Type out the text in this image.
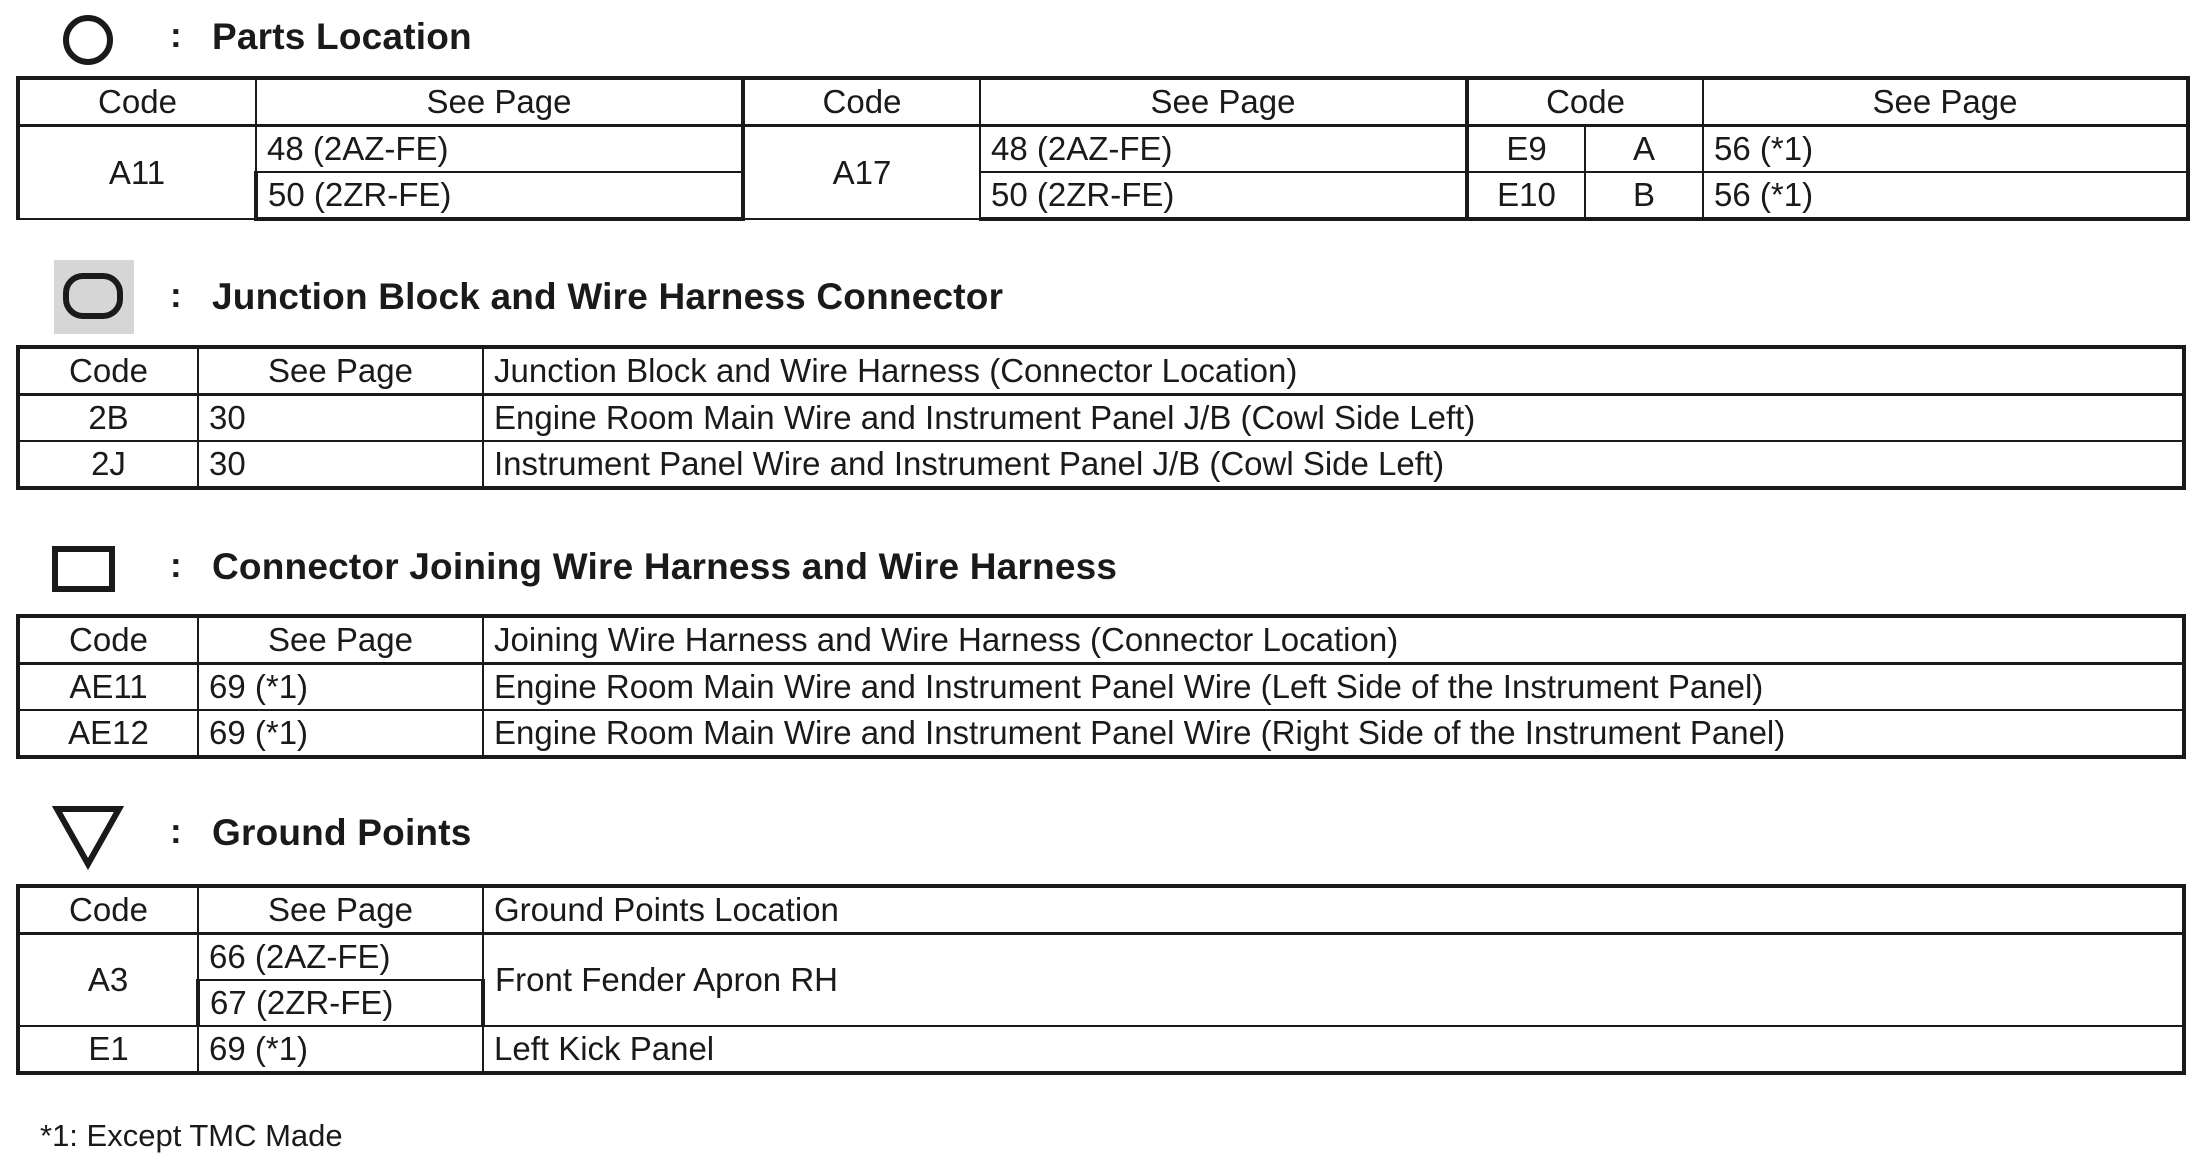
: Parts Location
Code	See Page	Code	See Page	Code		See Page
A11	48 (2AZ-FE)	A17	48 (2AZ-FE)	E9	A	56 (*1)
	50 (2ZR-FE)		50 (2ZR-FE)	E10	B	56 (*1)
: Junction Block and Wire Harness Connector
Code	See Page	Junction Block and Wire Harness (Connector Location)
2B	30	Engine Room Main Wire and Instrument Panel J/B (Cowl Side Left)
2J	30	Instrument Panel Wire and Instrument Panel J/B (Cowl Side Left)
: Connector Joining Wire Harness and Wire Harness
Code	See Page	Joining Wire Harness and Wire Harness (Connector Location)
AE11	69 (*1)	Engine Room Main Wire and Instrument Panel Wire (Left Side of the Instrument Panel)
AE12	69 (*1)	Engine Room Main Wire and Instrument Panel Wire (Right Side of the Instrument Panel)
: Ground Points
Code	See Page	Ground Points Location
A3	66 (2AZ-FE)	Front Fender Apron RH
	67 (2ZR-FE)	
E1	69 (*1)	Left Kick Panel
*1: Except TMC Made
